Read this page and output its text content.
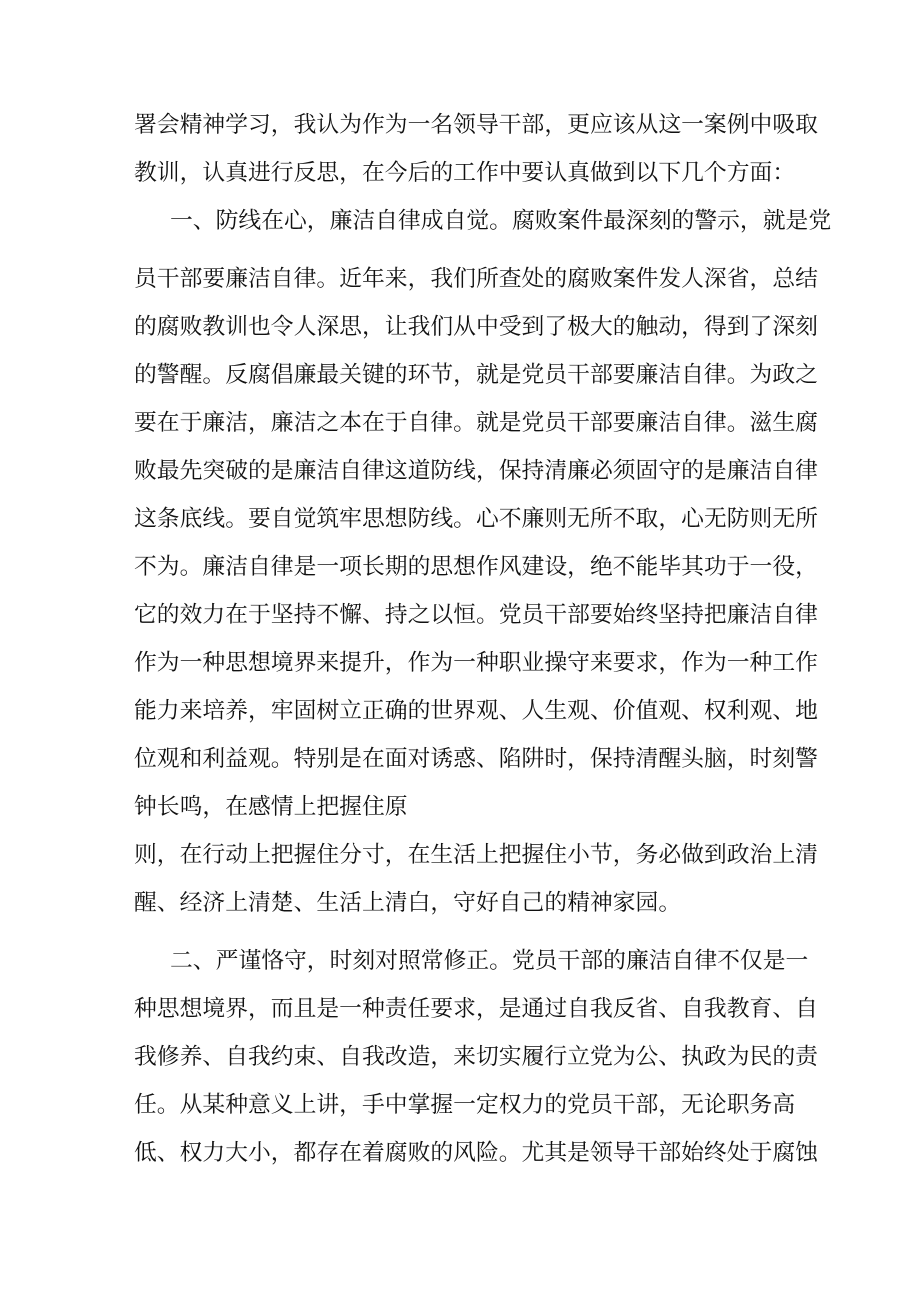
署会精神学习，我认为作为一名领导干部，更应该从这一案例中吸取
教训，认真进行反思，在今后的工作中要认真做到以下几个方面：
一、防线在心，廉洁自律成自觉。腐败案件最深刻的警示，就是党
员干部要廉洁自律。近年来，我们所查处的腐败案件发人深省，总结
的腐败教训也令人深思，让我们从中受到了极大的触动，得到了深刻
的警醒。反腐倡廉最关键的环节，就是党员干部要廉洁自律。为政之
要在于廉洁，廉洁之本在于自律。就是党员干部要廉洁自律。滋生腐
败最先突破的是廉洁自律这道防线，保持清廉必须固守的是廉洁自律
这条底线。要自觉筑牢思想防线。心不廉则无所不取，心无防则无所
不为。廉洁自律是一项长期的思想作风建设，绝不能毕其功于一役，
它的效力在于坚持不懈、持之以恒。党员干部要始终坚持把廉洁自律
作为一种思想境界来提升，作为一种职业操守来要求，作为一种工作
能力来培养，牢固树立正确的世界观、人生观、价值观、权利观、地
位观和利益观。特别是在面对诱惑、陷阱时，保持清醒头脑，时刻警
钟长鸣，在感情上把握住原
则，在行动上把握住分寸，在生活上把握住小节，务必做到政治上清
醒、经济上清楚、生活上清白，守好自己的精神家园。
二、严谨恪守，时刻对照常修正。党员干部的廉洁自律不仅是一
种思想境界，而且是一种责任要求，是通过自我反省、自我教育、自
我修养、自我约束、自我改造，来切实履行立党为公、执政为民的责
任。从某种意义上讲，手中掌握一定权力的党员干部，无论职务高
低、权力大小，都存在着腐败的风险。尤其是领导干部始终处于腐蚀
